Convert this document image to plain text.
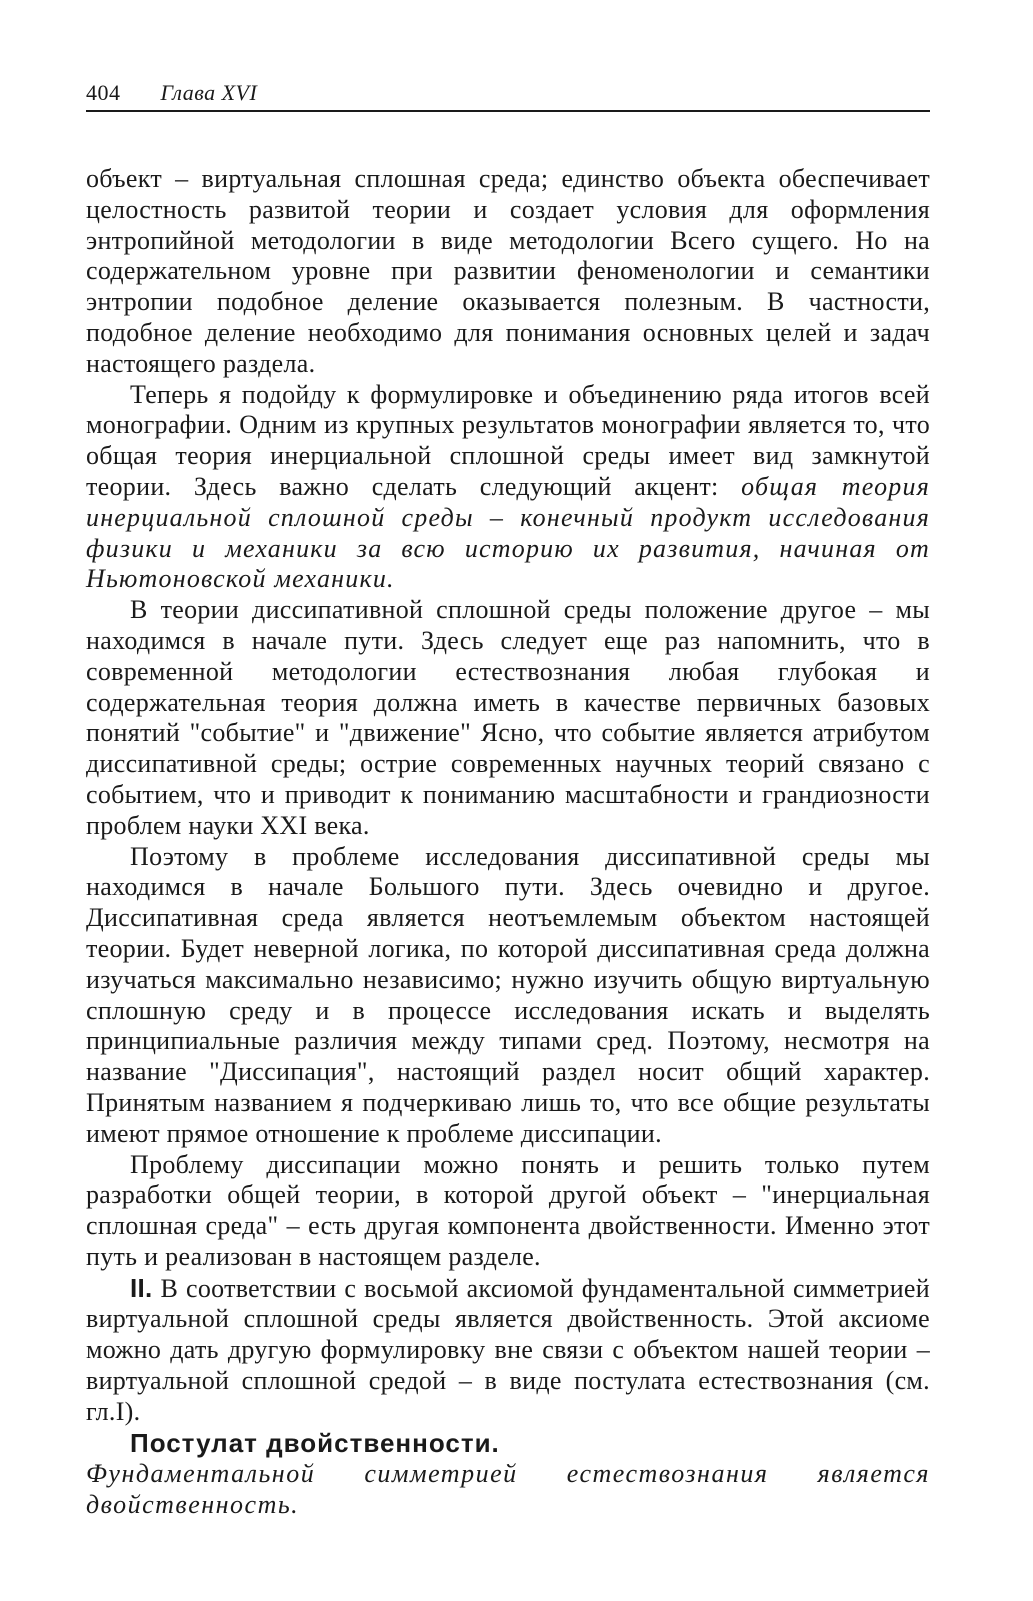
404 Глава XVI

объект – виртуальная сплошная среда; единство объекта обеспечивает целостность развитой теории и создает условия для оформления энтропийной методологии в виде методологии Всего сущего. Но на содержательном уровне при развитии феноменологии и семантики энтропии подобное деление оказывается полезным. В частности, подобное деление необходимо для понимания основных целей и задач настоящего раздела.

Теперь я подойду к формулировке и объединению ряда итогов всей монографии. Одним из крупных результатов монографии является то, что общая теория инерциальной сплошной среды имеет вид замкнутой теории. Здесь важно сделать следующий акцент: общая теория инерциальной сплошной среды – конечный продукт исследования физики и механики за всю историю их развития, начиная от Ньютоновской механики.

В теории диссипативной сплошной среды положение другое – мы находимся в начале пути. Здесь следует еще раз напомнить, что в современной методологии естествознания любая глубокая и содержательная теория должна иметь в качестве первичных базовых понятий "событие" и "движение" Ясно, что событие является атрибутом диссипативной среды; острие современных научных теорий связано с событием, что и приводит к пониманию масштабности и грандиозности проблем науки XXI века.

Поэтому в проблеме исследования диссипативной среды мы находимся в начале Большого пути. Здесь очевидно и другое. Диссипативная среда является неотъемлемым объектом настоящей теории. Будет неверной логика, по которой диссипативная среда должна изучаться максимально независимо; нужно изучить общую виртуальную сплошную среду и в процессе исследования искать и выделять принципиальные различия между типами сред. Поэтому, несмотря на название "Диссипация", настоящий раздел носит общий характер. Принятым названием я подчеркиваю лишь то, что все общие результаты имеют прямое отношение к проблеме диссипации.

Проблему диссипации можно понять и решить только путем разработки общей теории, в которой другой объект – "инерциальная сплошная среда" – есть другая компонента двойственности. Именно этот путь и реализован в настоящем разделе.

II. В соответствии с восьмой аксиомой фундаментальной симметрией виртуальной сплошной среды является двойственность. Этой аксиоме можно дать другую формулировку вне связи с объектом нашей теории – виртуальной сплошной средой – в виде постулата естествознания (см. гл.I).

Постулат двойственности.

Фундаментальной симметрией естествознания является двойственность.
